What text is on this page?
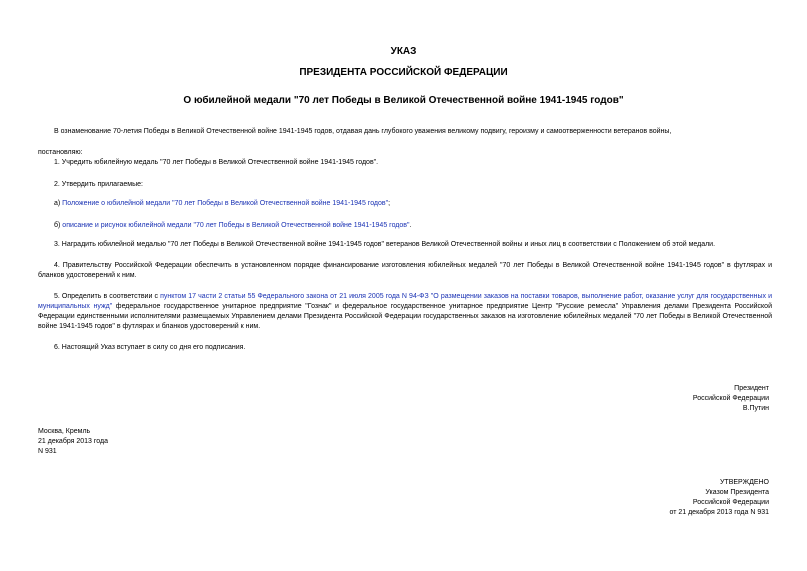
УКАЗ
ПРЕЗИДЕНТА РОССИЙСКОЙ ФЕДЕРАЦИИ
О юбилейной медали "70 лет Победы в Великой Отечественной войне 1941-1945 годов"
В ознаменование 70-летия Победы в Великой Отечественной войне 1941-1945 годов, отдавая дань глубокого уважения великому подвигу, героизму и самоотверженности ветеранов войны,
постановляю:
1. Учредить юбилейную медаль "70 лет Победы в Великой Отечественной войне 1941-1945 годов".
2. Утвердить прилагаемые:
а) Положение о юбилейной медали "70 лет Победы в Великой Отечественной войне 1941-1945 годов";
б) описание и рисунок юбилейной медали "70 лет Победы в Великой Отечественной войне 1941-1945 годов".
3. Наградить юбилейной медалью "70 лет Победы в Великой Отечественной войне 1941-1945 годов" ветеранов Великой Отечественной войны и иных лиц в соответствии с Положением об этой медали.
4. Правительству Российской Федерации обеспечить в установленном порядке финансирование изготовления юбилейных медалей "70 лет Победы в Великой Отечественной войне 1941-1945 годов" в футлярах и бланков удостоверений к ним.
5. Определить в соответствии с пунктом 17 части 2 статьи 55 Федерального закона от 21 июля 2005 года N 94-ФЗ "О размещении заказов на поставки товаров, выполнение работ, оказание услуг для государственных и муниципальных нужд" федеральное государственное унитарное предприятие "Гознак" и федеральное государственное унитарное предприятие Центр "Русские ремесла" Управления делами Президента Российской Федерации единственными исполнителями размещаемых Управлением делами Президента Российской Федерации государственных заказов на изготовление юбилейных медалей "70 лет Победы в Великой Отечественной войне 1941-1945 годов" в футлярах и бланков удостоверений к ним.
6. Настоящий Указ вступает в силу со дня его подписания.
Президент
Российской Федерации
В.Путин
Москва, Кремль
21 декабря 2013 года
N 931
УТВЕРЖДЕНО
Указом Президента
Российской Федерации
от 21 декабря 2013 года N 931
